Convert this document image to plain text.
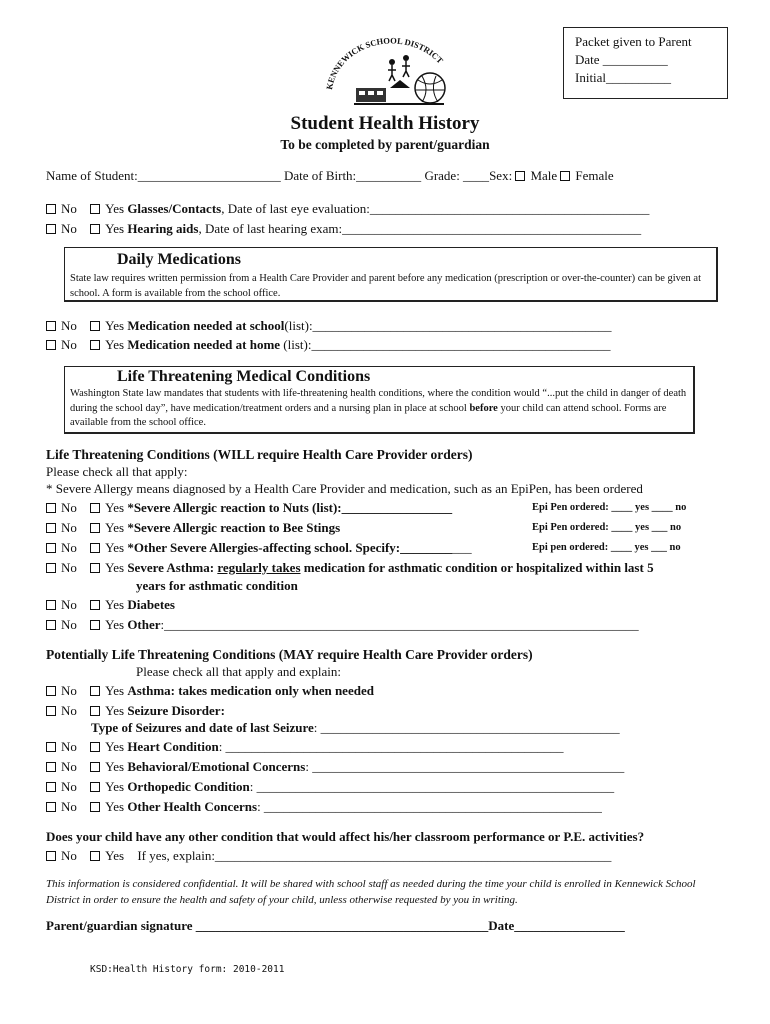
Packet given to Parent
Date __________
Initial__________
KENNEWICK SCHOOL DISTRICT
Student Health History
To be completed by parent/guardian
Name of Student:______________________ Date of Birth:__________ Grade: ____Sex: Male Female
No Yes Glasses/Contacts, Date of last eye evaluation:___________________________________________
No Yes Hearing aids, Date of last hearing exam:______________________________________________
Daily Medications
State law requires written permission from a Health Care Provider and parent before any medication (prescription or over-the-counter) can be given at school. A form is available from the school office.
No Yes Medication needed at school(list):______________________________________________
No Yes Medication needed at home (list):______________________________________________
Life Threatening Medical Conditions
Washington State law mandates that students with life-threatening health conditions, where the condition would “...put the child in danger of death during the school day”, have medication/treatment orders and a nursing plan in place at school before your child can attend school. Forms are available from the school office.
Life Threatening Conditions (WILL require Health Care Provider orders)
Please check all that apply:
* Severe Allergy means diagnosed by a Health Care Provider and medication, such as an EpiPen, has been ordered
No Yes *Severe Allergic reaction to Nuts (list):_________________	Epi Pen ordered: ____ yes ____ no
No Yes *Severe Allergic reaction to Bee Stings	Epi Pen ordered: ____ yes ___ no
No Yes *Other Severe Allergies-affecting school. Specify:___________	Epi pen ordered: ____ yes ___ no
No Yes Severe Asthma: regularly takes medication for asthmatic condition or hospitalized within last 5
years for asthmatic condition
No Yes Diabetes
No Yes Other:_________________________________________________________________________
Potentially Life Threatening Conditions (MAY require Health Care Provider orders)
Please check all that apply and explain:
No Yes Asthma: takes medication only when needed
No Yes Seizure Disorder:
Type of Seizures and date of last Seizure: ______________________________________________
No Yes Heart Condition: ____________________________________________________
No Yes Behavioral/Emotional Concerns: ________________________________________________
No Yes Orthopedic Condition: _______________________________________________________
No Yes Other Health Concerns: ____________________________________________________
Does your child have any other condition that would affect his/her classroom performance or P.E. activities?
No Yes If yes, explain:_____________________________________________________________
This information is considered confidential. It will be shared with school staff as needed during the time your child is enrolled in Kennewick School District in order to ensure the health and safety of your child, unless otherwise requested by you in writing.
Parent/guardian signature _____________________________________________Date_________________
KSD:Health History form: 2010-2011
